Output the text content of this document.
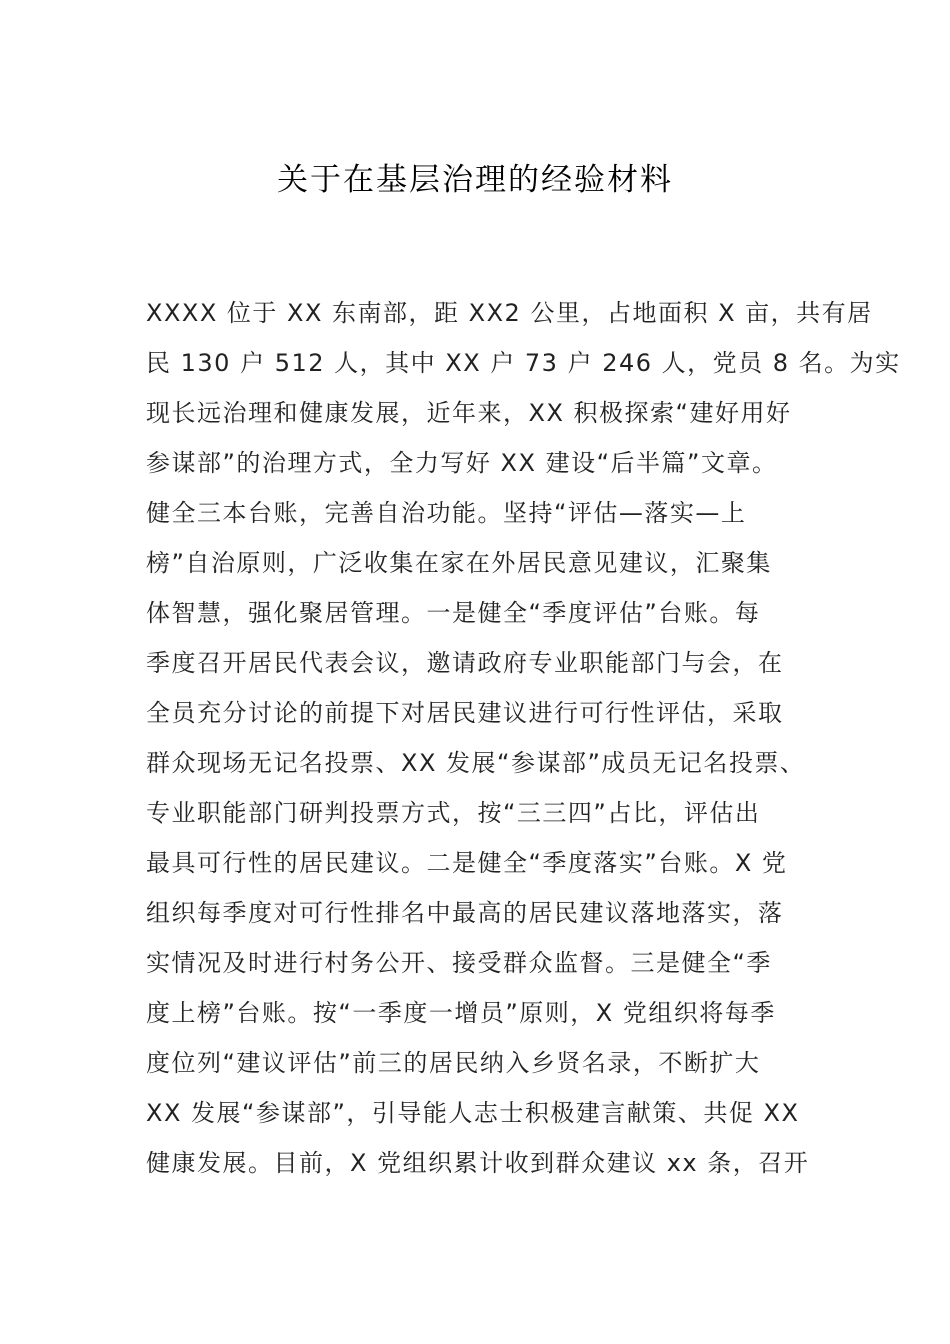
关于在基层治理的经验材料
XXXX 位于 XX 东南部，距 XX2 公里，占地面积 X 亩，共有居
民 130 户 512 人，其中 XX 户 73 户 246 人，党员 8 名。为实
现长远治理和健康发展，近年来，XX 积极探索“建好用好
参谋部”的治理方式，全力写好 XX 建设“后半篇”文章。
健全三本台账，完善自治功能。坚持“评估—落实—上
榜”自治原则，广泛收集在家在外居民意见建议，汇聚集
体智慧，强化聚居管理。一是健全“季度评估”台账。每
季度召开居民代表会议，邀请政府专业职能部门与会，在
全员充分讨论的前提下对居民建议进行可行性评估，采取
群众现场无记名投票、XX 发展“参谋部”成员无记名投票、
专业职能部门研判投票方式，按“三三四”占比，评估出
最具可行性的居民建议。二是健全“季度落实”台账。X 党
组织每季度对可行性排名中最高的居民建议落地落实，落
实情况及时进行村务公开、接受群众监督。三是健全“季
度上榜”台账。按“一季度一增员”原则，X 党组织将每季
度位列“建议评估”前三的居民纳入乡贤名录，不断扩大
XX 发展“参谋部”，引导能人志士积极建言献策、共促 XX
健康发展。目前，X 党组织累计收到群众建议 xx 条，召开
